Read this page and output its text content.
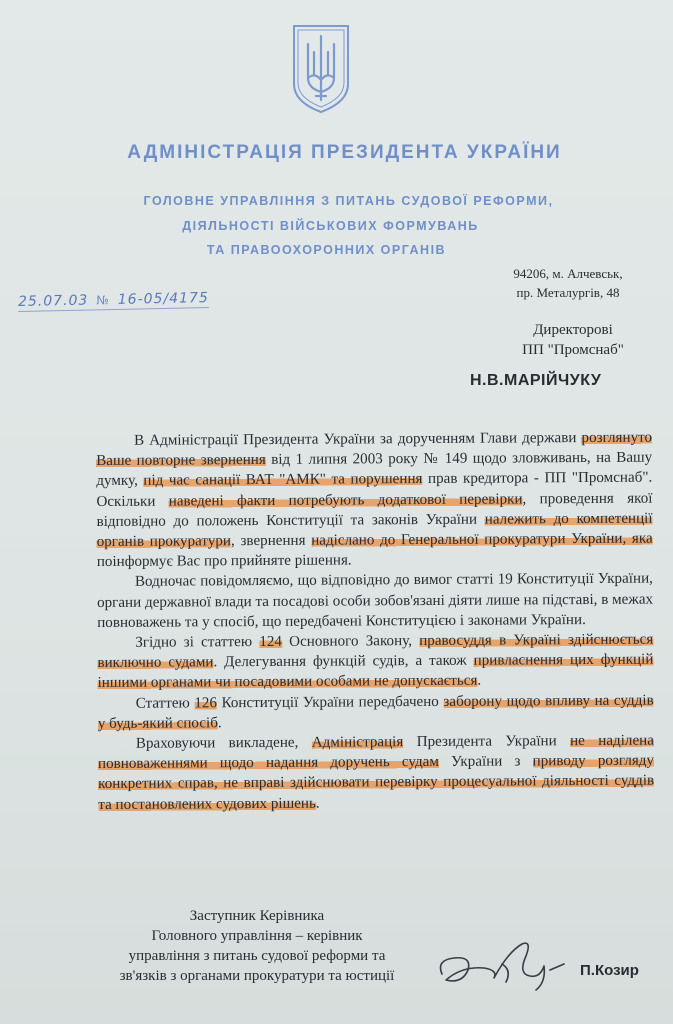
АДМІНІСТРАЦІЯ ПРЕЗИДЕНТА УКРАЇНИ
ГОЛОВНЕ УПРАВЛІННЯ З ПИТАНЬ СУДОВОЇ РЕФОРМИ,
ДІЯЛЬНОСТІ ВІЙСЬКОВИХ ФОРМУВАНЬ
ТА ПРАВООХОРОННИХ ОРГАНІВ
94206, м. Алчевськ,
пр. Металургів, 48
25.07.03 № 16-05/4175
Директорові
ПП "Промснаб"
Н.В.МАРІЙЧУКУ

В Адміністрації Президента України за дорученням Глави держави розглянуто Ваше повторне звернення від 1 липня 2003 року № 149 щодо зловживань, на Вашу думку, під час санації ВАТ "АМК" та порушення прав кредитора - ПП "Промснаб". Оскільки наведені факти потребують додаткової перевірки, проведення якої відповідно до положень Конституції та законів України належить до компетенції органів прокуратури, звернення надіслано до Генеральної прокуратури України, яка поінформує Вас про прийняте рішення.

Водночас повідомляємо, що відповідно до вимог статті 19 Конституції України, органи державної влади та посадові особи зобов'язані діяти лише на підставі, в межах повноважень та у спосіб, що передбачені Конституцією і законами України.

Згідно зі статтею 124 Основного Закону, правосуддя в Україні здійснюється виключно судами. Делегування функцій судів, а також привласнення цих функцій іншими органами чи посадовими особами не допускається.

Статтею 126 Конституції України передбачено заборону щодо впливу на суддів у будь-який спосіб.

Враховуючи викладене, Адміністрація Президента України не наділена повноваженнями щодо надання доручень судам України з приводу розгляду конкретних справ, не вправі здійснювати перевірку процесуальної діяльності суддів та постановлених судових рішень.

Заступник Керівника
Головного управління – керівник
управління з питань судової реформи та
зв'язків з органами прокуратури та юстиції	П.Козир
